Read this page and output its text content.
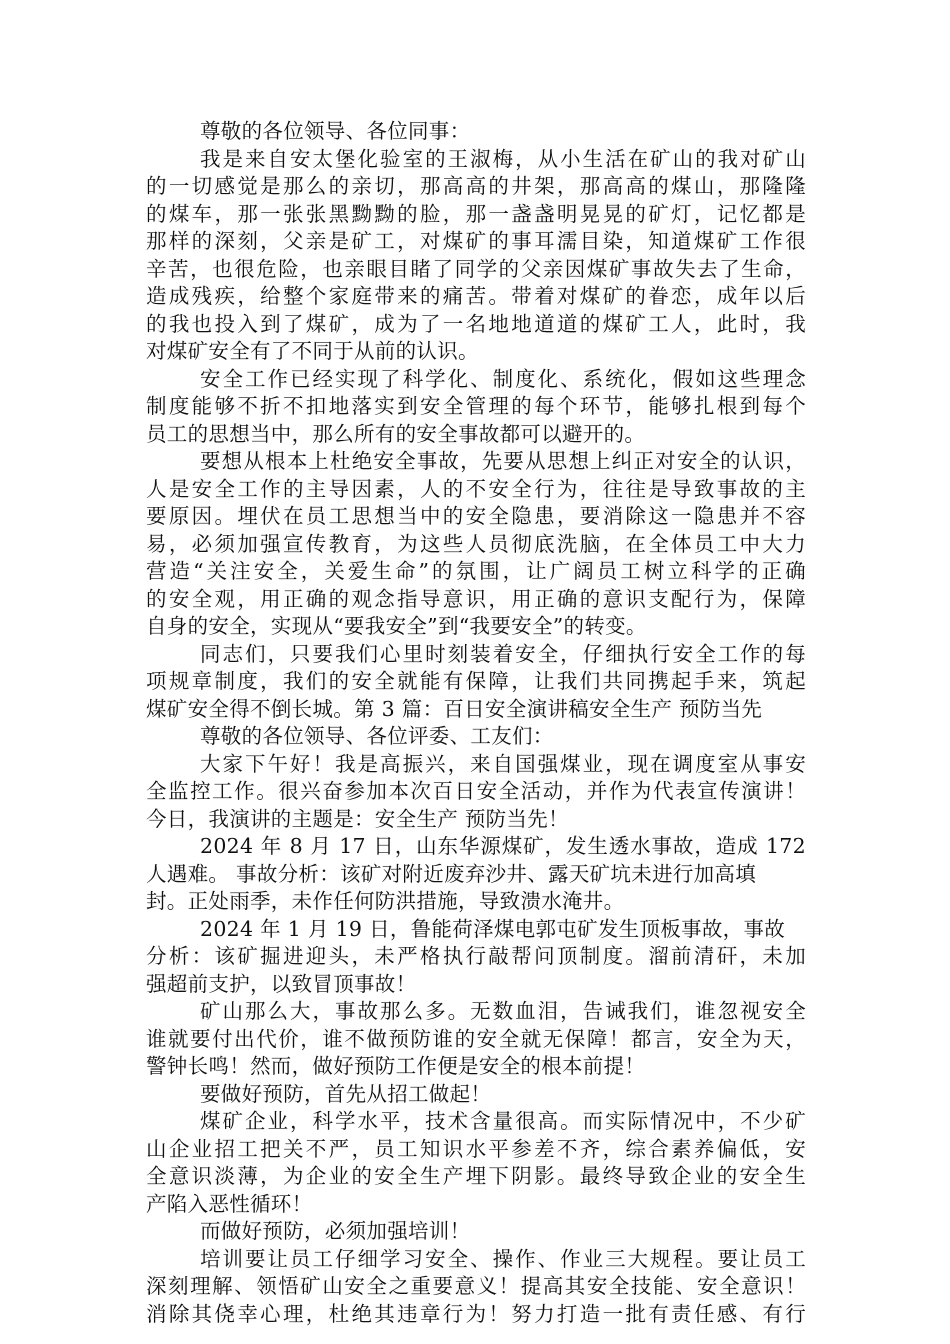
尊敬的各位领导、各位同事：
我是来自安太堡化验室的王淑梅，从小生活在矿山的我对矿山
的一切感觉是那么的亲切，那高高的井架，那高高的煤山，那隆隆
的煤车，那一张张黑黝黝的脸，那一盏盏明晃晃的矿灯，记忆都是
那样的深刻，父亲是矿工，对煤矿的事耳濡目染，知道煤矿工作很
辛苦，也很危险，也亲眼目睹了同学的父亲因煤矿事故失去了生命，
造成残疾，给整个家庭带来的痛苦。带着对煤矿的眷恋，成年以后
的我也投入到了煤矿，成为了一名地地道道的煤矿工人，此时，我
对煤矿安全有了不同于从前的认识。
安全工作已经实现了科学化、制度化、系统化，假如这些理念
制度能够不折不扣地落实到安全管理的每个环节，能够扎根到每个
员工的思想当中，那么所有的安全事故都可以避开的。
要想从根本上杜绝安全事故，先要从思想上纠正对安全的认识，
人是安全工作的主导因素，人的不安全行为，往往是导致事故的主
要原因。埋伏在员工思想当中的安全隐患，要消除这一隐患并不容
易，必须加强宣传教育，为这些人员彻底洗脑，在全体员工中大力
营造“关注安全，关爱生命”的氛围，让广阔员工树立科学的正确
的安全观，用正确的观念指导意识，用正确的意识支配行为，保障
自身的安全，实现从“要我安全”到“我要安全”的转变。
同志们，只要我们心里时刻装着安全，仔细执行安全工作的每
项规章制度，我们的安全就能有保障，让我们共同携起手来，筑起
煤矿安全得不倒长城。第 3 篇：百日安全演讲稿安全生产 预防当先
尊敬的各位领导、各位评委、工友们：
大家下午好！我是高振兴，来自国强煤业，现在调度室从事安
全监控工作。很兴奋参加本次百日安全活动，并作为代表宣传演讲！
今日，我演讲的主题是：安全生产 预防当先！
2024 年 8 月 17 日，山东华源煤矿，发生透水事故，造成 172
人遇难。 事故分析：该矿对附近废弃沙井、露天矿坑未进行加高填
封。正处雨季，未作任何防洪措施，导致溃水淹井。
2024 年 1 月 19 日，鲁能荷泽煤电郭屯矿发生顶板事故，事故
分析：该矿掘进迎头，未严格执行敲帮问顶制度。溜前清矸，未加
强超前支护，以致冒顶事故！
矿山那么大，事故那么多。无数血泪，告诫我们，谁忽视安全
谁就要付出代价，谁不做预防谁的安全就无保障！都言，安全为天，
警钟长鸣！然而，做好预防工作便是安全的根本前提！
要做好预防，首先从招工做起！
煤矿企业，科学水平，技术含量很高。而实际情况中，不少矿
山企业招工把关不严，员工知识水平参差不齐，综合素养偏低，安
全意识淡薄，为企业的安全生产埋下阴影。最终导致企业的安全生
产陷入恶性循环！
而做好预防，必须加强培训！
培训要让员工仔细学习安全、操作、作业三大规程。要让员工
深刻理解、领悟矿山安全之重要意义！提高其安全技能、安全意识！
消除其侥幸心理，杜绝其违章行为！努力打造一批有责任感、有行
